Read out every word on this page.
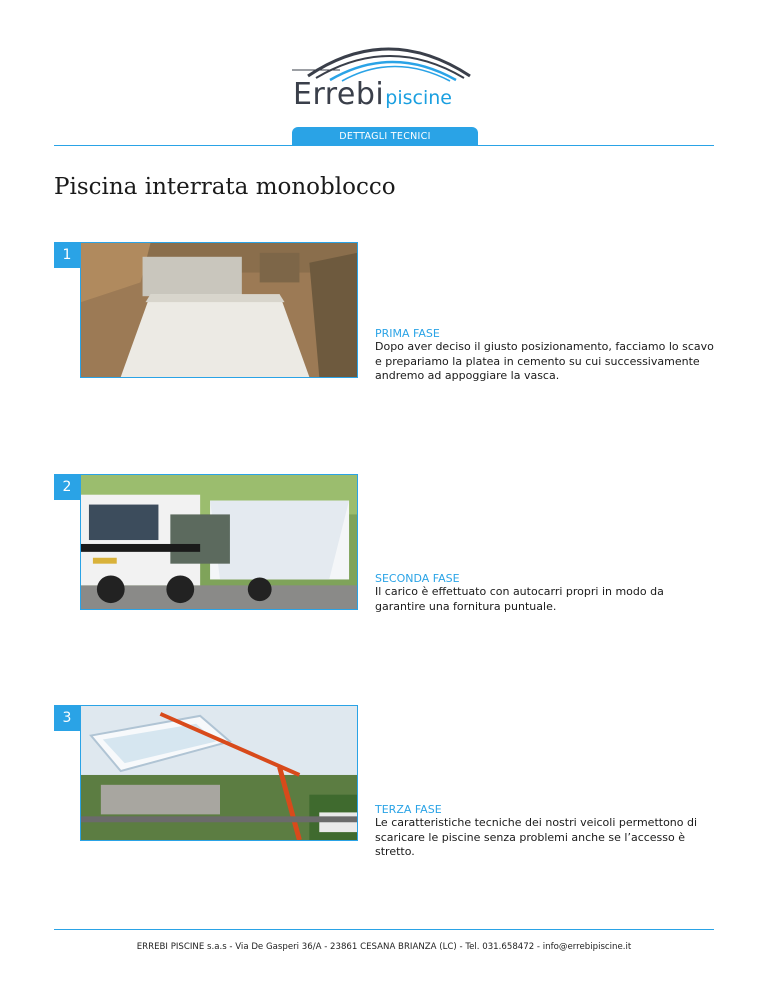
Errebipiscine
DETTAGLI TECNICI
Piscina interrata monoblocco
1
PRIMA FASE
Dopo aver deciso il giusto posizionamento, facciamo lo scavo e prepariamo la platea in cemento su cui successivamente andremo ad appoggiare la vasca.
2
SECONDA FASE
Il carico è effettuato con autocarri propri in modo da garantire una fornitura puntuale.
3
TERZA FASE
Le caratteristiche tecniche dei nostri veicoli permettono di scaricare le piscine senza problemi anche se l’accesso è stretto.
ERREBI PISCINE s.a.s - Via De Gasperi 36/A - 23861 CESANA BRIANZA (LC) - Tel. 031.658472 - info@errebipiscine.it
